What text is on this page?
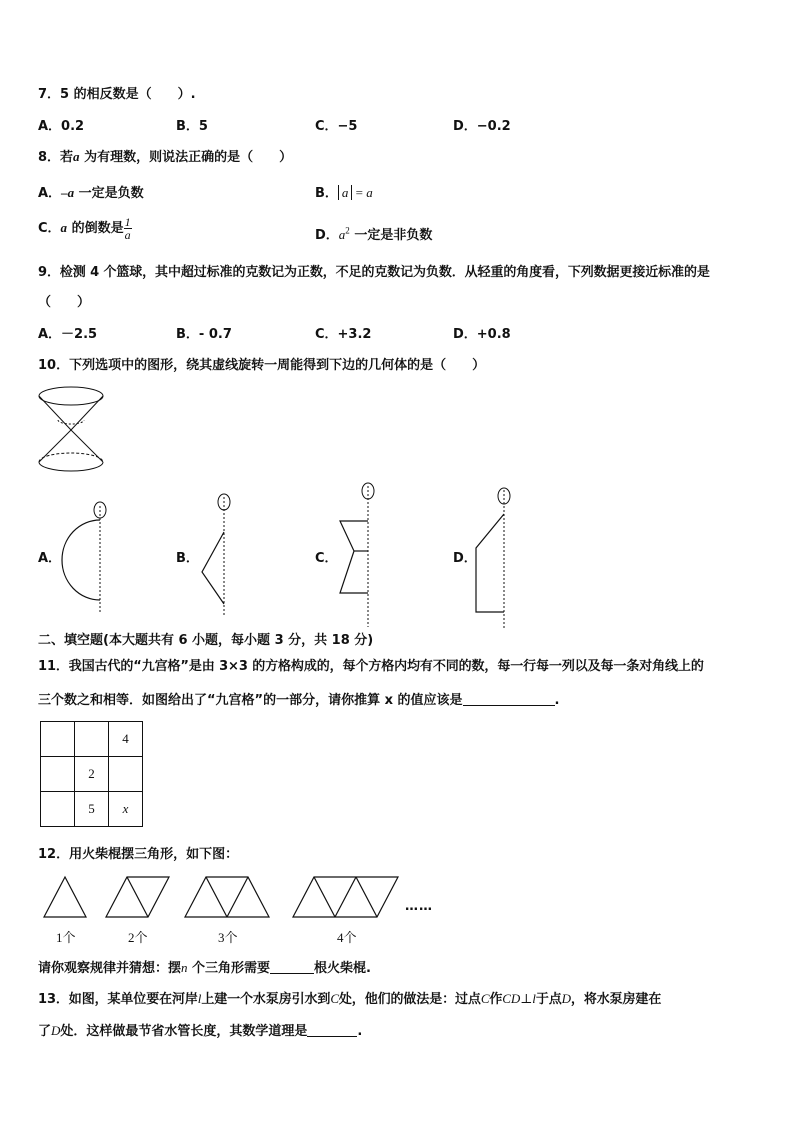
7．5 的相反数是（　　）.
A．0.2	B．5	C．−5	D．−0.2
8．若a 为有理数，则说法正确的是（　　）
A．–a 一定是负数	B． a = a
C．a 的倒数是 $\frac{1}{a}$	D．$a^2$ 一定是非负数
9．检测 4 个篮球，其中超过标准的克数记为正数，不足的克数记为负数．从轻重的角度看，下列数据更接近标准的是
（　　）
A．－2.5	B．- 0.7	C．+3.2	D．+0.8
10．下列选项中的图形，绕其虚线旋转一周能得到下边的几何体的是（　　）
A．	B．	C．	D．
二、填空题(本大题共有 6 小题，每小题 3 分，共 18 分)
11．我国古代的“九宫格”是由 3×3 的方格构成的，每个方格内均有不同的数，每一行每一列以及每一条对角线上的
三个数之和相等．如图给出了“九宫格”的一部分，请你推算 x 的值应该是	.
		4
	2	
	5	x
12．用火柴棍摆三角形，如下图：
……
1个	2个	3个	4个
请你观察规律并猜想：摆n 个三角形需要	根火柴棍.
13．如图，某单位要在河岸l上建一个水泵房引水到C处，他们的做法是：过点C作CD⊥l于点D，将水泵房建在
了D处．这样做最节省水管长度，其数学道理是	.
